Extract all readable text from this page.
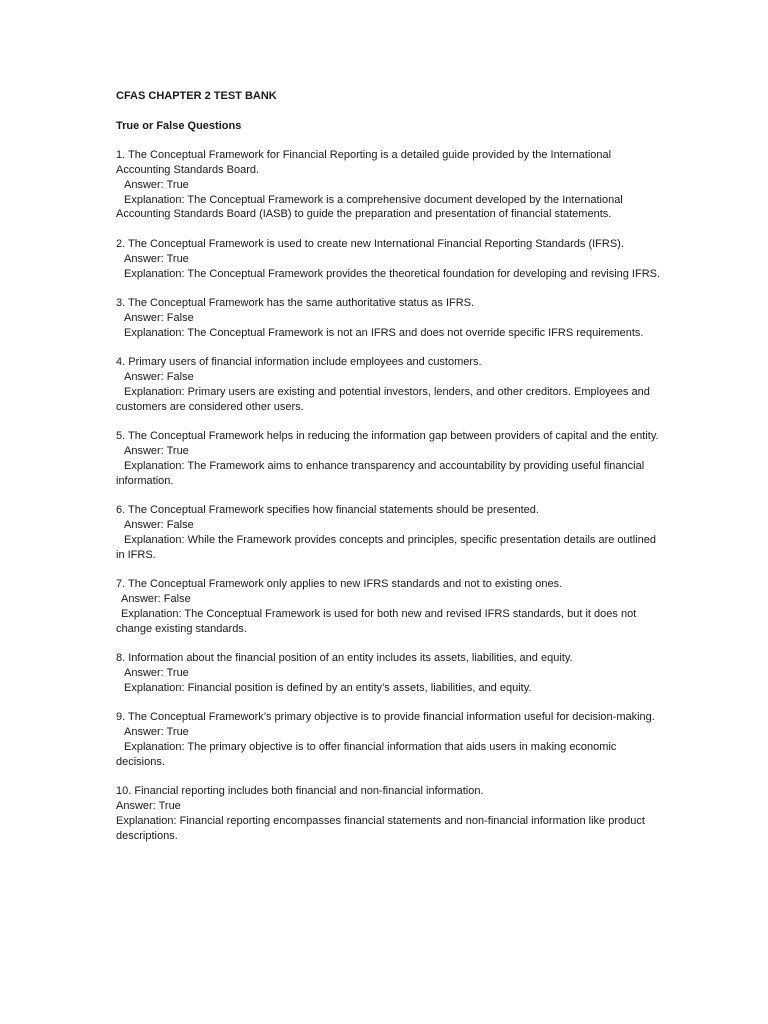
CFAS CHAPTER 2 TEST BANK

True or False Questions

1. The Conceptual Framework for Financial Reporting is a detailed guide provided by the International Accounting Standards Board.

Answer: True

Explanation: The Conceptual Framework is a comprehensive document developed by the International Accounting Standards Board (IASB) to guide the preparation and presentation of financial statements.

2. The Conceptual Framework is used to create new International Financial Reporting Standards (IFRS).

Answer: True

Explanation: The Conceptual Framework provides the theoretical foundation for developing and revising IFRS.

3. The Conceptual Framework has the same authoritative status as IFRS.

Answer: False

Explanation: The Conceptual Framework is not an IFRS and does not override specific IFRS requirements.

4. Primary users of financial information include employees and customers.

Answer: False

Explanation: Primary users are existing and potential investors, lenders, and other creditors. Employees and customers are considered other users.

5. The Conceptual Framework helps in reducing the information gap between providers of capital and the entity.

Answer: True

Explanation: The Framework aims to enhance transparency and accountability by providing useful financial information.

6. The Conceptual Framework specifies how financial statements should be presented.

Answer: False

Explanation: While the Framework provides concepts and principles, specific presentation details are outlined in IFRS.

7. The Conceptual Framework only applies to new IFRS standards and not to existing ones.

Answer: False

Explanation: The Conceptual Framework is used for both new and revised IFRS standards, but it does not change existing standards.

8. Information about the financial position of an entity includes its assets, liabilities, and equity.

Answer: True

Explanation: Financial position is defined by an entity’s assets, liabilities, and equity.

9. The Conceptual Framework’s primary objective is to provide financial information useful for decision-making.

Answer: True

Explanation: The primary objective is to offer financial information that aids users in making economic decisions.

10. Financial reporting includes both financial and non-financial information.

Answer: True

Explanation: Financial reporting encompasses financial statements and non-financial information like product descriptions.
